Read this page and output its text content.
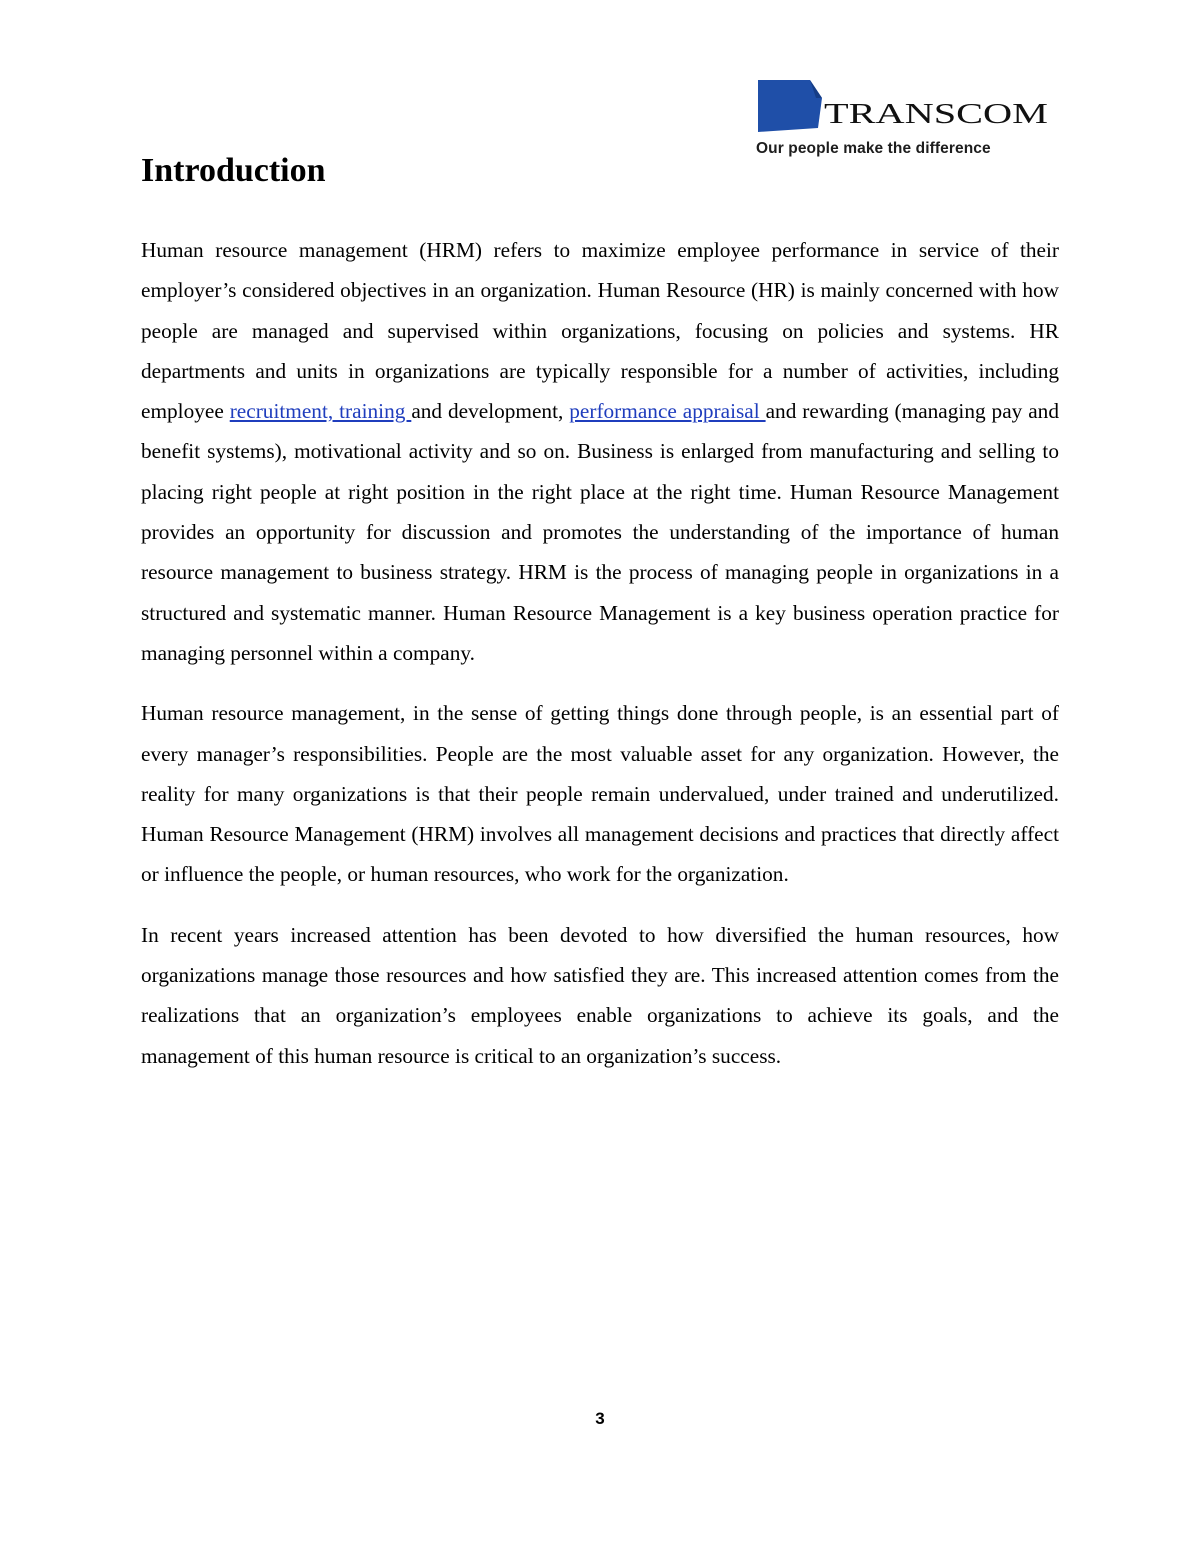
TRANSCOM
Our people make the difference
Introduction

Human resource management (HRM) refers to maximize employee performance in service of their employer’s considered objectives in an organization. Human Resource (HR) is mainly concerned with how people are managed and supervised within organizations, focusing on policies and systems. HR departments and units in organizations are typically responsible for a number of activities, including employee recruitment, training and development, performance appraisal and rewarding (managing pay and benefit systems), motivational activity and so on. Business is enlarged from manufacturing and selling to placing right people at right position in the right place at the right time. Human Resource Management provides an opportunity for discussion and promotes the understanding of the importance of human resource management to business strategy. HRM is the process of managing people in organizations in a structured and systematic manner. Human Resource Management is a key business operation practice for managing personnel within a company.

Human resource management, in the sense of getting things done through people, is an essential part of every manager’s responsibilities. People are the most valuable asset for any organization. However, the reality for many organizations is that their people remain undervalued, under trained and underutilized. Human Resource Management (HRM) involves all management decisions and practices that directly affect or influence the people, or human resources, who work for the organization.

In recent years increased attention has been devoted to how diversified the human resources, how organizations manage those resources and how satisfied they are. This increased attention comes from the realizations that an organization’s employees enable organizations to achieve its goals, and the management of this human resource is critical to an organization’s success.

3
